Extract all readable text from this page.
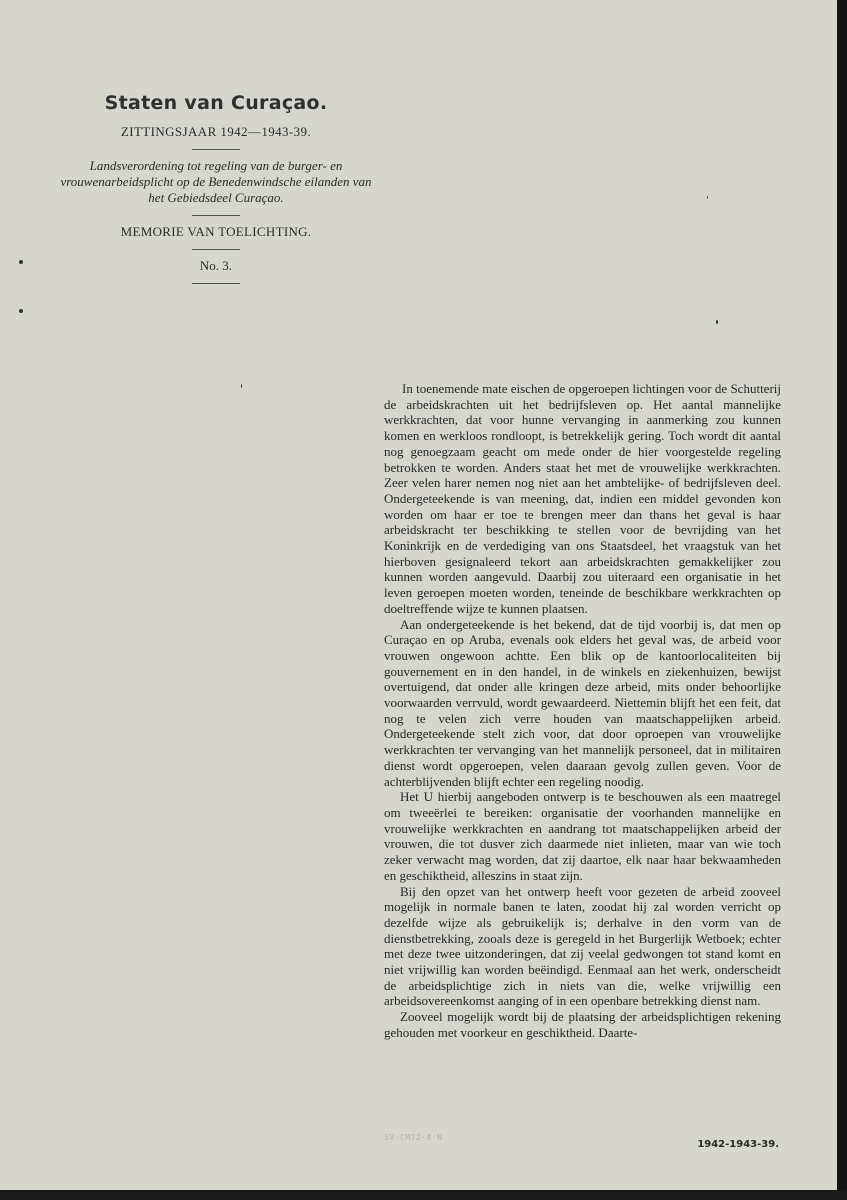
Staten van Curaçao.

ZITTINGSJAAR 1942—1943-39.

Landsverordening tot regeling van de burger- en vrouwenarbeidsplicht op de Benedenwindsche eilanden van het Gebiedsdeel Curaçao.

MEMORIE VAN TOELICHTING.

No. 3.

In toenemende mate eischen de opgeroepen lichtingen voor de Schutterij de arbeidskrachten uit het bedrijfsleven op. Het aantal mannelijke werkkrachten, dat voor hunne vervanging in aanmerking zou kunnen komen en werkloos rondloopt, is betrekkelijk gering. Toch wordt dit aantal nog genoegzaam geacht om mede onder de hier voorgestelde regeling betrokken te worden. Anders staat het met de vrouwelijke werkkrachten. Zeer velen harer nemen nog niet aan het ambtelijke- of bedrijfsleven deel. Ondergeteekende is van meening, dat, indien een middel gevonden kon worden om haar er toe te brengen meer dan thans het geval is haar arbeidskracht ter beschikking te stellen voor de bevrijding van het Koninkrijk en de verdediging van ons Staatsdeel, het vraagstuk van het hierboven gesignaleerd tekort aan arbeidskrachten gemakkelijker zou kunnen worden aangevuld. Daarbij zou uiteraard een organisatie in het leven geroepen moeten worden, teneinde de beschikbare werkkrachten op doeltreffende wijze te kunnen plaatsen.

Aan ondergeteekende is het bekend, dat de tijd voorbij is, dat men op Curaçao en op Aruba, evenals ook elders het geval was, de arbeid voor vrouwen ongewoon achtte. Een blik op de kantoorlocaliteiten bij gouvernement en in den handel, in de winkels en ziekenhuizen, bewijst overtuigend, dat onder alle kringen deze arbeid, mits onder behoorlijke voorwaarden verrvuld, wordt gewaardeerd. Niettemin blijft het een feit, dat nog te velen zich verre houden van maatschappelijken arbeid. Ondergeteekende stelt zich voor, dat door oproepen van vrouwelijke werkkrachten ter vervanging van het mannelijk personeel, dat in militairen dienst wordt opgeroepen, velen daaraan gevolg zullen geven. Voor de achterblijvenden blijft echter een regeling noodig.

Het U hierbij aangeboden ontwerp is te beschouwen als een maatregel om tweeërlei te bereiken: organisatie der voorhanden mannelijke en vrouwelijke werkkrachten en aandrang tot maatschappelijken arbeid der vrouwen, die tot dusver zich daarmede niet inlieten, maar van wie toch zeker verwacht mag worden, dat zij daartoe, elk naar haar bekwaamheden en geschiktheid, alleszins in staat zijn.

Bij den opzet van het ontwerp heeft voor gezeten de arbeid zooveel mogelijk in normale banen te laten, zoodat hij zal worden verricht op dezelfde wijze als gebruikelijk is; derhalve in den vorm van de dienstbetrekking, zooals deze is geregeld in het Burgerlijk Wetboek; echter met deze twee uitzonderingen, dat zij veelal gedwongen tot stand komt en niet vrijwillig kan worden beëindigd. Eenmaal aan het werk, onderscheidt de arbeidsplichtige zich in niets van die, welke vrijwillig een arbeidsovereenkomst aanging of in een openbare betrekking dienst nam.

Zooveel mogelijk wordt bij de plaatsing der arbeidsplichtigen rekening gehouden met voorkeur en geschiktheid. Daarte-

SV·CM72·A·N
1942-1943-39.
